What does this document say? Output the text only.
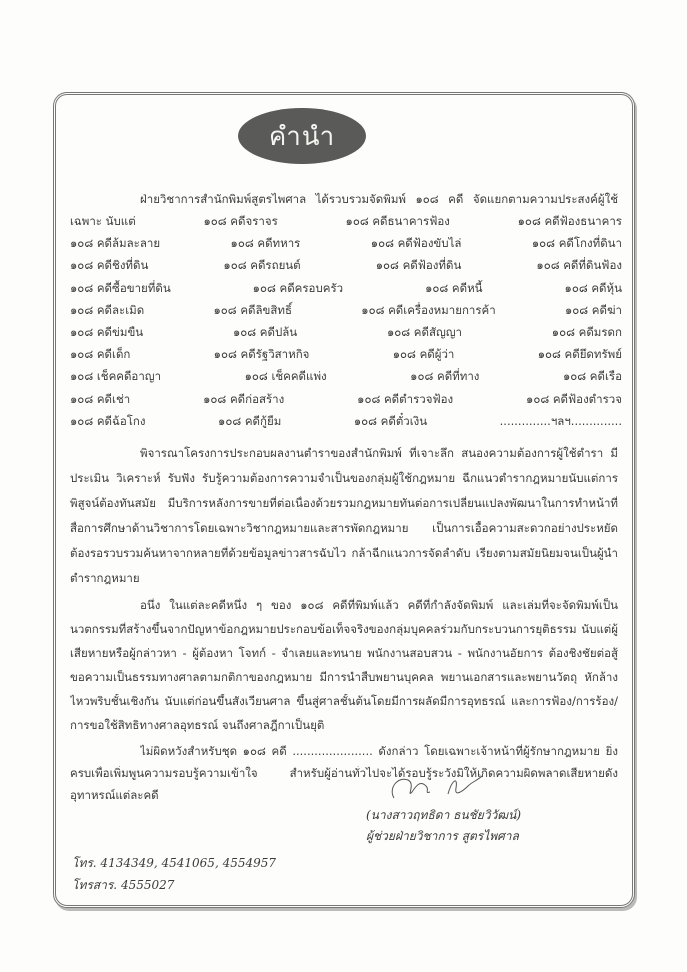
คำนำ
ฝ่ายวิชาการสำนักพิมพ์สูตรไพศาล ได้รวบรวมจัดพิมพ์ ๑๐๘ คดี จัดแยกตามความประสงค์ผู้ใช้
เฉพาะ นับแต่	๑๐๘ คดีจราจร	๑๐๘ คดีธนาคารฟ้อง	๑๐๘ คดีฟ้องธนาคาร
๑๐๘ คดีล้มละลาย	๑๐๘ คดีทหาร	๑๐๘ คดีฟ้องขับไล่	๑๐๘ คดีโกงที่ดินา
๑๐๘ คดีชิงที่ดิน	๑๐๘ คดีรถยนต์	๑๐๘ คดีฟ้องที่ดิน	๑๐๘ คดีที่ดินฟ้อง
๑๐๘ คดีซื้อขายที่ดิน	๑๐๘ คดีครอบครัว	๑๐๘ คดีหนี้	๑๐๘ คดีหุ้น
๑๐๘ คดีละเมิด	๑๐๘ คดีลิขสิทธิ์	๑๐๘ คดีเครื่องหมายการค้า	๑๐๘ คดีฆ่า
๑๐๘ คดีข่มขืน	๑๐๘ คดีปล้น	๑๐๘ คดีสัญญา	๑๐๘ คดีมรดก
๑๐๘ คดีเด็ก	๑๐๘ คดีรัฐวิสาหกิจ	๑๐๘ คดีผู้ว่า	๑๐๘ คดียึดทรัพย์
๑๐๘ เช็คคดีอาญา	๑๐๘ เช็คคดีแพ่ง	๑๐๘ คดีที่ทาง	๑๐๘ คดีเรือ
๑๐๘ คดีเช่า	๑๐๘ คดีก่อสร้าง	๑๐๘ คดีตำรวจฟ้อง	๑๐๘ คดีฟ้องตำรวจ
๑๐๘ คดีฉ้อโกง	๑๐๘ คดีกู้ยืม	๑๐๘ คดีตั๋วเงิน	..............ฯลฯ..............
พิจารณาโครงการประกอบผลงานตำราของสำนักพิมพ์ ที่เจาะลึก สนองความต้องการผู้ใช้ตำรา มี
ประเมิน วิเคราะห์ รับฟัง รับรู้ความต้องการความจำเป็นของกลุ่มผู้ใช้กฎหมาย ฉีกแนวตำรากฎหมายนับแต่การ
พิสูจน์ต้องทันสมัย มีบริการหลังการขายที่ต่อเนื่องด้วยรวมกฎหมายทันต่อการเปลี่ยนแปลงพัฒนาในการทำหน้าที่
สื่อการศึกษาด้านวิชาการโดยเฉพาะวิชากฎหมายและสารพัดกฎหมาย เป็นการเอื้อความสะดวกอย่างประหยัด
ต้องรอรวบรวมค้นหาจากหลายที่ด้วยข้อมูลข่าวสารฉับไว กล้าฉีกแนวการจัดลำดับ เรียงตามสมัยนิยมจนเป็นผู้นำ
ตำรากฎหมาย
อนึ่ง ในแต่ละคดีหนึ่ง ๆ ของ ๑๐๘ คดีที่พิมพ์แล้ว คดีที่กำลังจัดพิมพ์ และเล่มที่จะจัดพิมพ์เป็น
นวตกรรมที่สร้างขึ้นจากปัญหาข้อกฎหมายประกอบข้อเท็จจริงของกลุ่มบุคคลร่วมกับกระบวนการยุติธรรม นับแต่ผู้
เสียหายหรือผู้กล่าวหา - ผู้ต้องหา โจทก์ - จำเลยและทนาย พนักงานสอบสวน - พนักงานอัยการ ต้องชิงชัยต่อสู้
ขอความเป็นธรรมทางศาลตามกติกาของกฎหมาย มีการนำสืบพยานบุคคล พยานเอกสารและพยานวัตถุ หักล้าง
ไหวพริบชั้นเชิงกัน นับแต่ก่อนขึ้นสังเวียนศาล ขึ้นสู่ศาลชั้นต้นโดยมีการผลัดมีการอุทธรณ์ และการฟ้อง/การร้อง/
การขอใช้สิทธิทางศาลอุทธรณ์ จนถึงศาลฎีกาเป็นยุติ
ไม่ผิดหวังสำหรับชุด ๑๐๘ คดี ...................... ดังกล่าว โดยเฉพาะเจ้าหน้าที่ผู้รักษากฎหมาย ยิ่ง
ครบเพื่อเพิ่มพูนความรอบรู้ความเข้าใจ สำหรับผู้อ่านทั่วไปจะได้รอบรู้ระวังมิให้เกิดความผิดพลาดเสียหายดัง
อุทาหรณ์แต่ละคดี
(นางสาวฤทธิดา ธนชัยวิวัฒน์)
ผู้ช่วยฝ่ายวิชาการ สูตรไพศาล
โทร. 4134349, 4541065, 4554957
โทรสาร. 4555027
